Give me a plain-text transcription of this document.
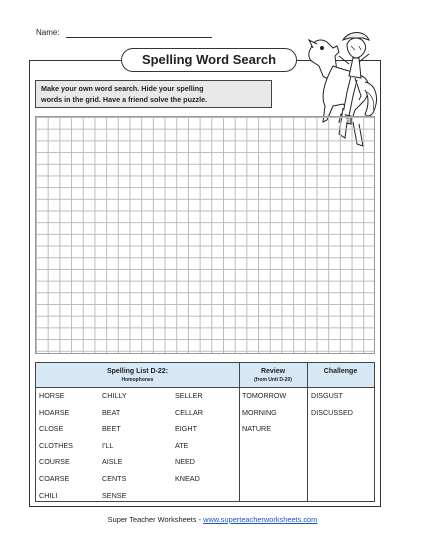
Name:
Spelling Word Search
Make your own word search. Hide your spelling
words in the grid. Have a friend solve the puzzle.
Spelling List D-22:
Homophones
Review
(from Unit D-20)
Challenge
HORSE
HOARSE
CLOSE
CLOTHES
COURSE
COARSE
CHILI
CHILLY
BEAT
BEET
I'LL
AISLE
CENTS
SENSE
SELLER
CELLAR
EIGHT
ATE
NEED
KNEAD
TOMORROW
MORNING
NATURE
DISGUST
DISCUSSED
Super Teacher Worksheets - www.superteacherworksheets.com
